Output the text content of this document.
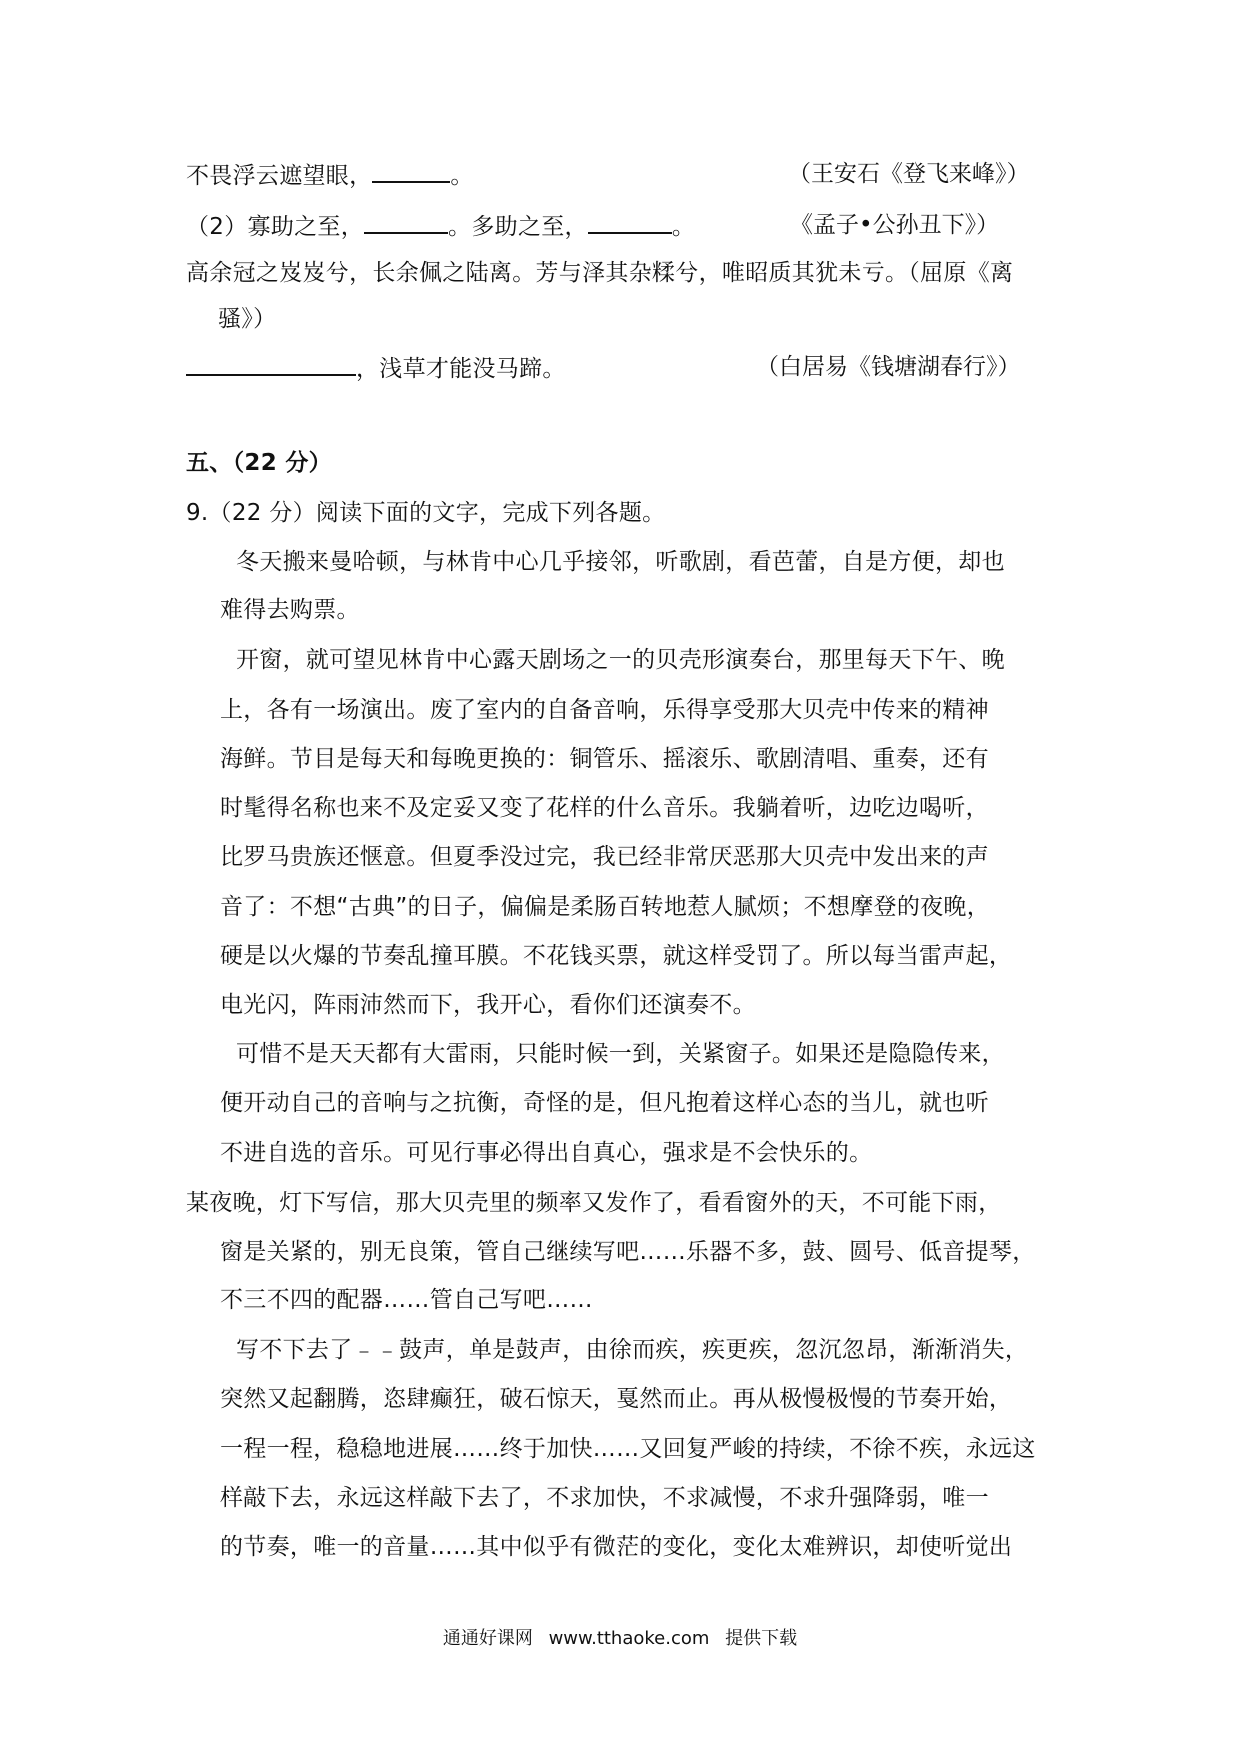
不畏浮云遮望眼，	。	（王安石《登飞来峰》）
（2）寡助之至，	。多助之至，	。	《孟子•公孙丑下》）
高余冠之岌岌兮，长余佩之陆离。芳与泽其杂糅兮，唯昭质其犹未亏。（屈原《离
骚》）
，浅草才能没马蹄。	（白居易《钱塘湖春行》）
五、（22 分）
9.（22 分）阅读下面的文字，完成下列各题。
冬天搬来曼哈顿，与林肯中心几乎接邻，听歌剧，看芭蕾，自是方便，却也
难得去购票。
开窗，就可望见林肯中心露天剧场之一的贝壳形演奏台，那里每天下午、晚
上，各有一场演出。废了室内的自备音响，乐得享受那大贝壳中传来的精神
海鲜。节目是每天和每晚更换的：铜管乐、摇滚乐、歌剧清唱、重奏，还有
时髦得名称也来不及定妥又变了花样的什么音乐。我躺着听，边吃边喝听，
比罗马贵族还惬意。但夏季没过完，我已经非常厌恶那大贝壳中发出来的声
音了：不想“古典”的日子，偏偏是柔肠百转地惹人腻烦；不想摩登的夜晚，
硬是以火爆的节奏乱撞耳膜。不花钱买票，就这样受罚了。所以每当雷声起，
电光闪，阵雨沛然而下，我开心，看你们还演奏不。
可惜不是天天都有大雷雨，只能时候一到，关紧窗子。如果还是隐隐传来，
便开动自己的音响与之抗衡，奇怪的是，但凡抱着这样心态的当儿，就也听
不进自选的音乐。可见行事必得出自真心，强求是不会快乐的。
某夜晚，灯下写信，那大贝壳里的频率又发作了，看看窗外的天，不可能下雨，
窗是关紧的，别无良策，管自己继续写吧……乐器不多，鼓、圆号、低音提琴，
不三不四的配器……管自己写吧……
写不下去了﹣﹣鼓声，单是鼓声，由徐而疾，疾更疾，忽沉忽昂，渐渐消失，
突然又起翻腾，恣肆癫狂，破石惊天，戛然而止。再从极慢极慢的节奏开始，
一程一程，稳稳地进展……终于加快……又回复严峻的持续，不徐不疾，永远这
样敲下去，永远这样敲下去了，不求加快，不求减慢，不求升强降弱，唯一
的节奏，唯一的音量……其中似乎有微茫的变化，变化太难辨识，却使听觉出
通通好课网 www.tthaoke.com 提供下载
